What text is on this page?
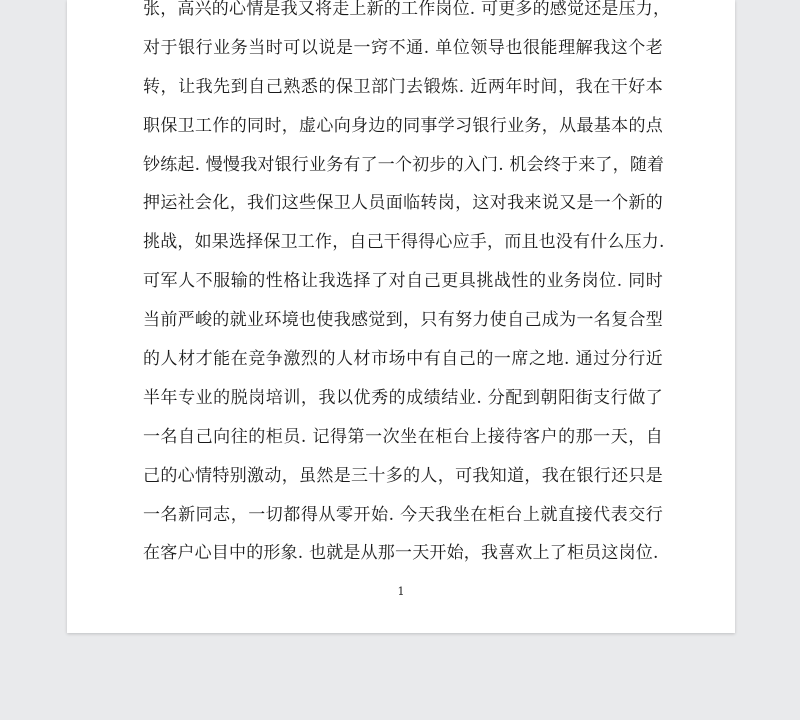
张，高兴的心情是我又将走上新的工作岗位. 可更多的感觉还是压力，
对于银行业务当时可以说是一窍不通. 单位领导也很能理解我这个老
转，让我先到自己熟悉的保卫部门去锻炼. 近两年时间，我在干好本
职保卫工作的同时，虚心向身边的同事学习银行业务，从最基本的点
钞练起. 慢慢我对银行业务有了一个初步的入门. 机会终于来了，随着
押运社会化，我们这些保卫人员面临转岗，这对我来说又是一个新的
挑战，如果选择保卫工作，自己干得得心应手，而且也没有什么压力.
可军人不服输的性格让我选择了对自己更具挑战性的业务岗位. 同时
当前严峻的就业环境也使我感觉到，只有努力使自己成为一名复合型
的人材才能在竞争激烈的人材市场中有自己的一席之地. 通过分行近
半年专业的脱岗培训，我以优秀的成绩结业. 分配到朝阳街支行做了
一名自己向往的柜员. 记得第一次坐在柜台上接待客户的那一天，自
己的心情特别激动，虽然是三十多的人，可我知道，我在银行还只是
一名新同志，一切都得从零开始. 今天我坐在柜台上就直接代表交行
在客户心目中的形象. 也就是从那一天开始，我喜欢上了柜员这岗位.
1
